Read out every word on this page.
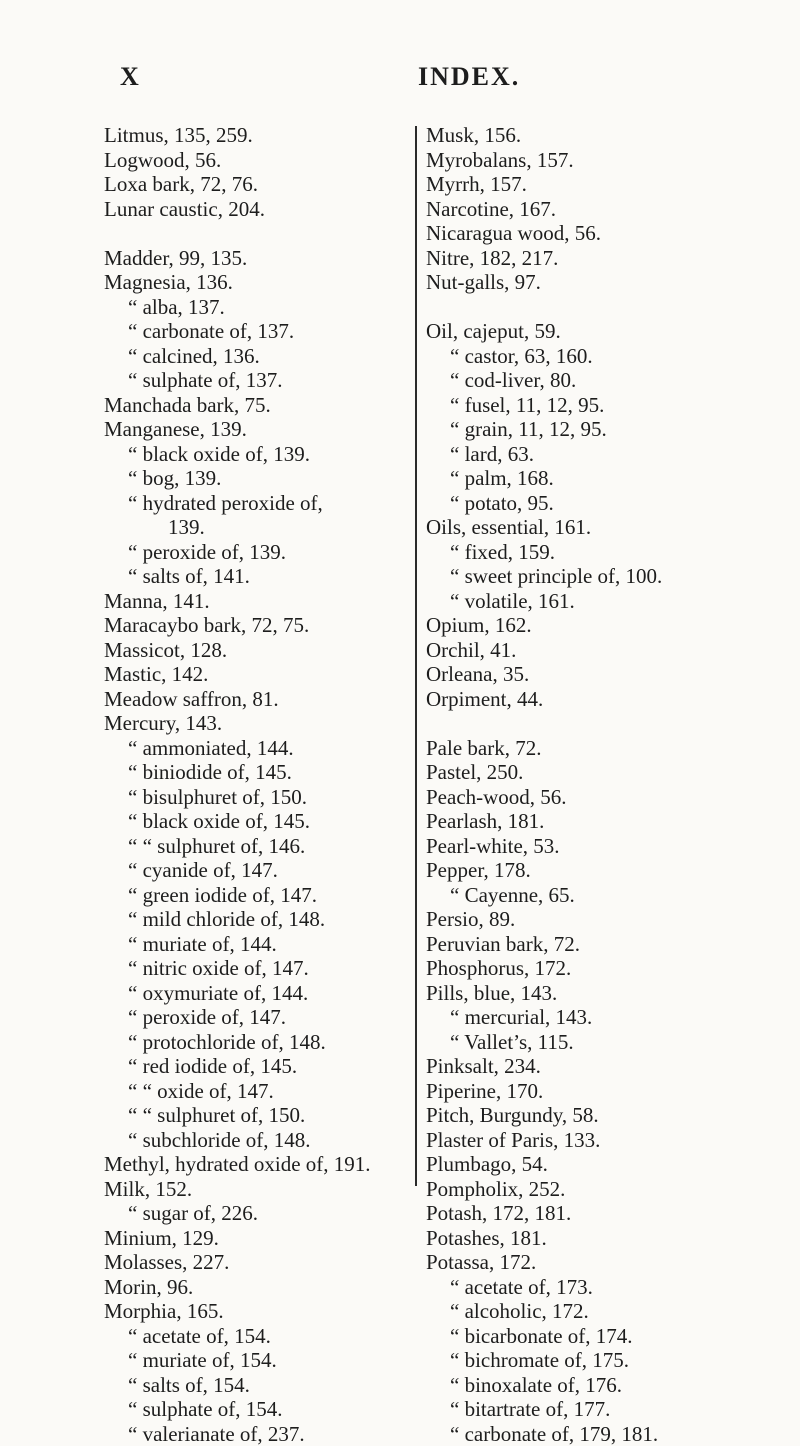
X	INDEX.
Litmus, 135, 259.
Logwood, 56.
Loxa bark, 72, 76.
Lunar caustic, 204.
Madder, 99, 135.
Magnesia, 136.
“ alba, 137.
“ carbonate of, 137.
“ calcined, 136.
“ sulphate of, 137.
Manchada bark, 75.
Manganese, 139.
“ black oxide of, 139.
“ bog, 139.
“ hydrated peroxide of,
139.
“ peroxide of, 139.
“ salts of, 141.
Manna, 141.
Maracaybo bark, 72, 75.
Massicot, 128.
Mastic, 142.
Meadow saffron, 81.
Mercury, 143.
“ ammoniated, 144.
“ biniodide of, 145.
“ bisulphuret of, 150.
“ black oxide of, 145.
“ “ sulphuret of, 146.
“ cyanide of, 147.
“ green iodide of, 147.
“ mild chloride of, 148.
“ muriate of, 144.
“ nitric oxide of, 147.
“ oxymuriate of, 144.
“ peroxide of, 147.
“ protochloride of, 148.
“ red iodide of, 145.
“ “ oxide of, 147.
“ “ sulphuret of, 150.
“ subchloride of, 148.
Methyl, hydrated oxide of, 191.
Milk, 152.
“ sugar of, 226.
Minium, 129.
Molasses, 227.
Morin, 96.
Morphia, 165.
“ acetate of, 154.
“ muriate of, 154.
“ salts of, 154.
“ sulphate of, 154.
“ valerianate of, 237.
Musk, 156.
Myrobalans, 157.
Myrrh, 157.
Narcotine, 167.
Nicaragua wood, 56.
Nitre, 182, 217.
Nut-galls, 97.
Oil, cajeput, 59.
“ castor, 63, 160.
“ cod-liver, 80.
“ fusel, 11, 12, 95.
“ grain, 11, 12, 95.
“ lard, 63.
“ palm, 168.
“ potato, 95.
Oils, essential, 161.
“ fixed, 159.
“ sweet principle of, 100.
“ volatile, 161.
Opium, 162.
Orchil, 41.
Orleana, 35.
Orpiment, 44.
Pale bark, 72.
Pastel, 250.
Peach-wood, 56.
Pearlash, 181.
Pearl-white, 53.
Pepper, 178.
“ Cayenne, 65.
Persio, 89.
Peruvian bark, 72.
Phosphorus, 172.
Pills, blue, 143.
“ mercurial, 143.
“ Vallet’s, 115.
Pinksalt, 234.
Piperine, 170.
Pitch, Burgundy, 58.
Plaster of Paris, 133.
Plumbago, 54.
Pompholix, 252.
Potash, 172, 181.
Potashes, 181.
Potassa, 172.
“ acetate of, 173.
“ alcoholic, 172.
“ bicarbonate of, 174.
“ bichromate of, 175.
“ binoxalate of, 176.
“ bitartrate of, 177.
“ carbonate of, 179, 181.
